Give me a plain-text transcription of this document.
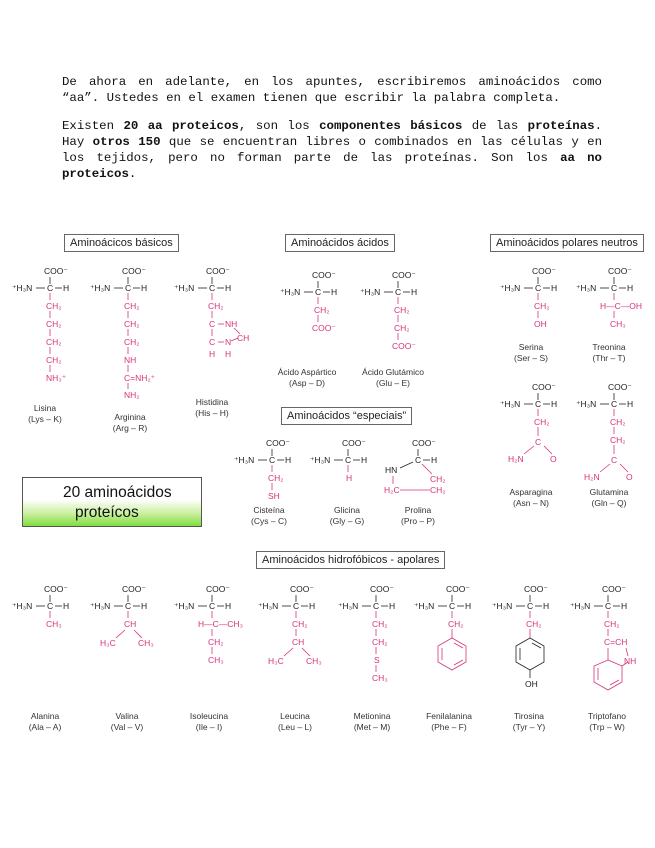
De ahora en adelante, en los apuntes, escribiremos aminoácidos como “aa”. Ustedes en el examen tienen que escribir la palabra completa.

Existen 20 aa proteicos, son los componentes básicos de las proteínas. Hay otros 150 que se encuentran libres o combinados en las células y en los tejidos, pero no forman parte de las proteínas. Son los aa no proteicos.

Aminoácicos básicos	Aminoácidos ácidos	Aminoácidos polares neutros
Aminoácidos “especiais”
Aminoácidos hidrofóbicos - apolares
20 aminoácidos
proteícos
COO⁻
⁺H₃N C H
CH₂
CH₂
CH₂
CH₂
NH₃⁺
COO⁻
⁺H₃N C H
CH₂
CH₂
CH₂
NH
C=NH₂⁺
NH₂
COO⁻
⁺H₃N C H
CH₂
C NH
CH
C N
H H
COO⁻
⁺H₃N C H
CH₂
COO⁻
COO⁻
⁺H₃N C H
CH₂
CH₂
COO⁻
COO⁻
⁺H₃N C H
CH₂
OH
COO⁻
⁺H₃N C H
H—C—OH
CH₃
COO⁻
⁺H₃N C H
CH₂
C
H₂N	O
COO⁻
⁺H₃N C H
CH₂
CH₂
C
H₂N	O
COO⁻
⁺H₃N C H
CH₂
SH
COO⁻
⁺H₃N C H
H
COO⁻
HN
C H
CH₂
H₂C	CH₂
COO⁻
⁺H₃N C H
CH₃
COO⁻
⁺H₃N C H
CH
H₃C	CH₃
COO⁻
⁺H₃N C H
H—C—CH₃
CH₂
CH₃
COO⁻
⁺H₃N C H
CH₂
CH
H₃C	CH₃
COO⁻
⁺H₃N C H
CH₂
CH₂
S
CH₃
COO⁻
⁺H₃N C H
CH₂
COO⁻
⁺H₃N C H
CH₂
OH
COO⁻
⁺H₃N C H
CH₂
C=CH
NH
Lisina
(Lys – K)	Arginina
(Arg – R)
Histidina
(His – H)
Ácido Aspártico
(Asp – D)
Ácido Glutámico
(Glu – E)
Serina
(Ser – S)
Treonina
(Thr – T)
Asparagina
(Asn – N)
Glutamina
(Gln – Q)
Cisteína
(Cys – C)
Glicina
(Gly – G)
Prolina
(Pro – P)
Alanina
(Ala – A)
Valina
(Val – V)
Isoleucina
(Ile – I)
Leucina
(Leu – L)
Metionina
(Met – M)
Fenilalanina
(Phe – F)
Tirosina
(Tyr – Y)
Triptofano
(Trp – W)
